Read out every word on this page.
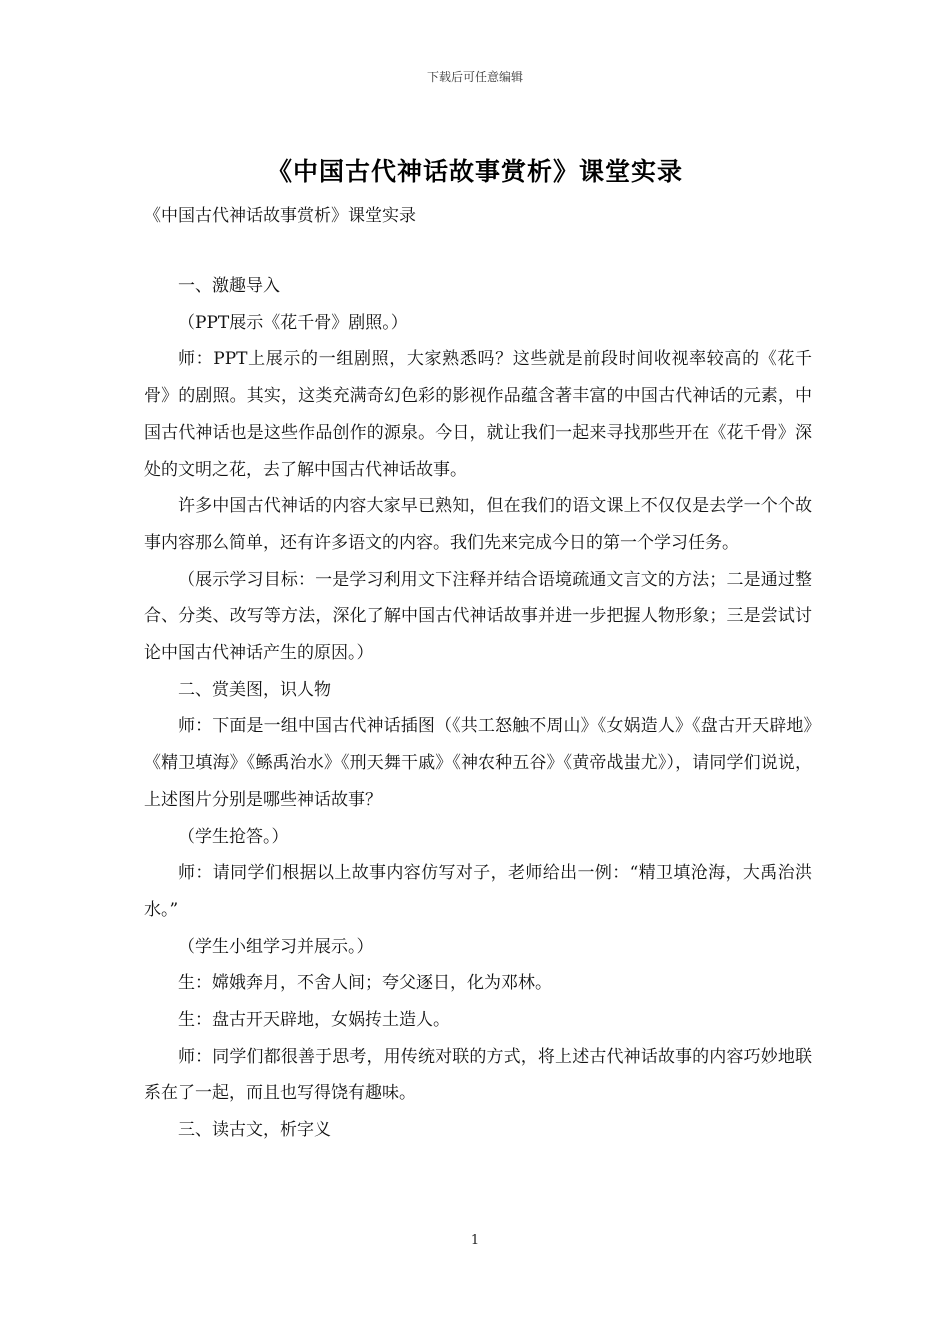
下载后可任意编辑
《中国古代神话故事赏析》课堂实录
《中国古代神话故事赏析》课堂实录

一、激趣导入

（PPT展示《花千骨》剧照。）

师：PPT上展示的一组剧照，大家熟悉吗？这些就是前段时间收视率较高的《花千骨》的剧照。其实，这类充满奇幻色彩的影视作品蕴含著丰富的中国古代神话的元素，中国古代神话也是这些作品创作的源泉。今日，就让我们一起来寻找那些开在《花千骨》深处的文明之花，去了解中国古代神话故事。

许多中国古代神话的内容大家早已熟知，但在我们的语文课上不仅仅是去学一个个故事内容那么简单，还有许多语文的内容。我们先来完成今日的第一个学习任务。

（展示学习目标：一是学习利用文下注释并结合语境疏通文言文的方法；二是通过整合、分类、改写等方法，深化了解中国古代神话故事并进一步把握人物形象；三是尝试讨论中国古代神话产生的原因。）

二、赏美图，识人物

师：下面是一组中国古代神话插图（《共工怒触不周山》《女娲造人》《盘古开天辟地》《精卫填海》《鲧禹治水》《刑天舞干戚》《神农种五谷》《黄帝战蚩尤》），请同学们说说，上述图片分别是哪些神话故事？

（学生抢答。）

师：请同学们根据以上故事内容仿写对子，老师给出一例：“精卫填沧海，大禹治洪水。”

（学生小组学习并展示。）

生：嫦娥奔月，不舍人间；夸父逐日，化为邓林。

生：盘古开天辟地，女娲抟土造人。

师：同学们都很善于思考，用传统对联的方式，将上述古代神话故事的内容巧妙地联系在了一起，而且也写得饶有趣味。

三、读古文，析字义

1
